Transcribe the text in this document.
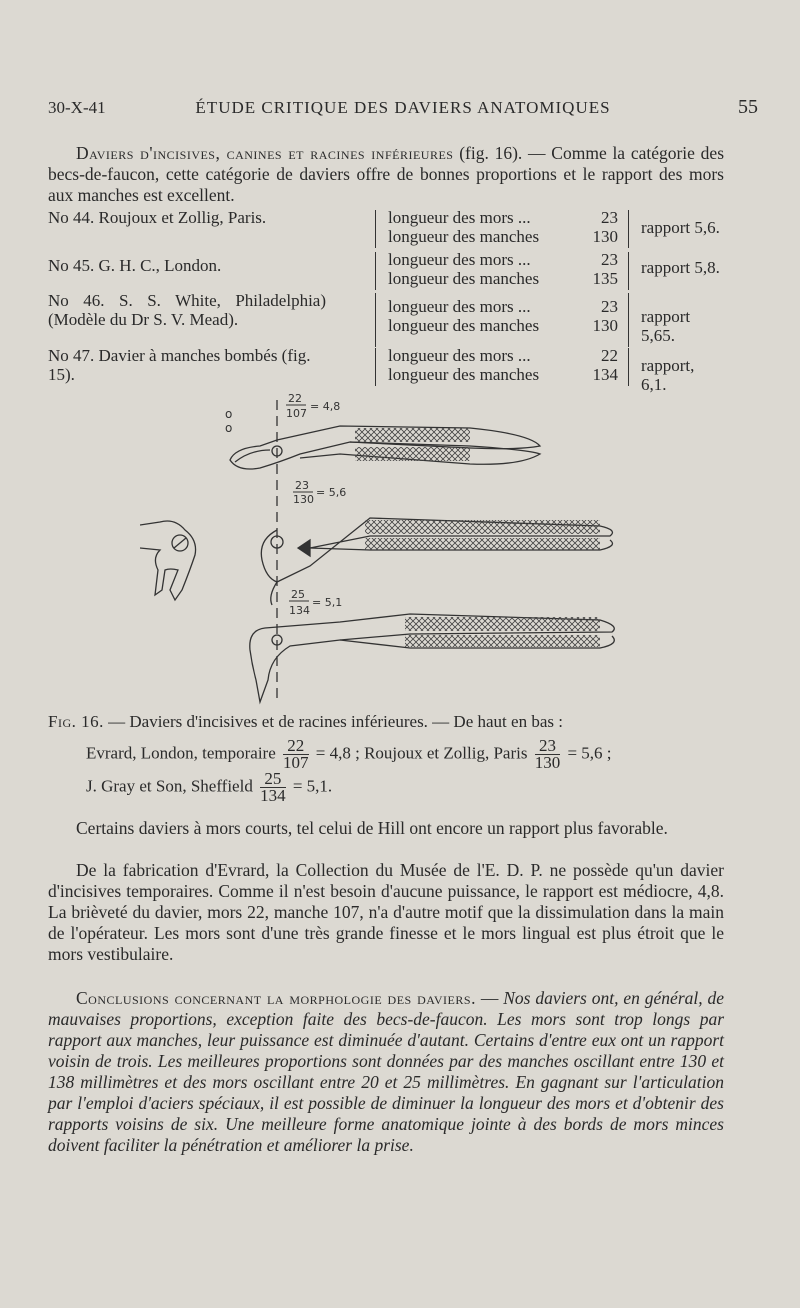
30-X-41	ÉTUDE CRITIQUE DES DAVIERS ANATOMIQUES	55

Daviers d'incisives, canines et racines inférieures (fig. 16). — Comme la catégorie des becs-de-faucon, cette catégorie de daviers offre de bonnes proportions et le rapport des mors aux manches est excellent.

No 44. Roujoux et Zollig, Paris.	longueur des mors ...	23
longueur des manches	130 rapport 5,6.
No 45. G. H. C., London.	longueur des mors ...	23
longueur des manches	135
rapport 5,8.
No 46. S. S. White, Philadelphia) (Modèle du Dr S. V. Mead).
longueur des mors ...	23
longueur des manches	130 rapport 5,65.
No 47. Davier à manches bombés (fig. 15).
longueur des mors ...	22
longueur des manches	134 rapport, 6,1.
o
o
22
107
= 4,8
23
130
= 5,6
25
134
= 5,1
Fig. 16. — Daviers d'incisives et de racines inférieures. — De haut en bas :
Evrard, London, temporaire $\frac{22}{107} = 4,8$ ; Roujoux et Zollig, Paris $\frac{23}{130} = 5,6$ ;
J. Gray et Son, Sheffield $\frac{25}{134} = 5,1$.

Certains daviers à mors courts, tel celui de Hill ont encore un rapport plus favorable.

De la fabrication d'Evrard, la Collection du Musée de l'E. D. P. ne possède qu'un davier d'incisives temporaires. Comme il n'est besoin d'aucune puissance, le rapport est médiocre, 4,8. La brièveté du davier, mors 22, manche 107, n'a d'autre motif que la dissimulation dans la main de l'opérateur. Les mors sont d'une très grande finesse et le mors lingual est plus étroit que le mors vestibulaire.

Conclusions concernant la morphologie des daviers. — Nos daviers ont, en général, de mauvaises proportions, exception faite des becs-de-faucon. Les mors sont trop longs par rapport aux manches, leur puissance est diminuée d'autant. Certains d'entre eux ont un rapport voisin de trois. Les meilleures proportions sont données par des manches oscillant entre 130 et 138 millimètres et des mors oscillant entre 20 et 25 millimètres. En gagnant sur l'articulation par l'emploi d'aciers spéciaux, il est possible de diminuer la longueur des mors et d'obtenir des rapports voisins de six. Une meilleure forme anatomique jointe à des bords de mors minces doivent faciliter la pénétration et améliorer la prise.
